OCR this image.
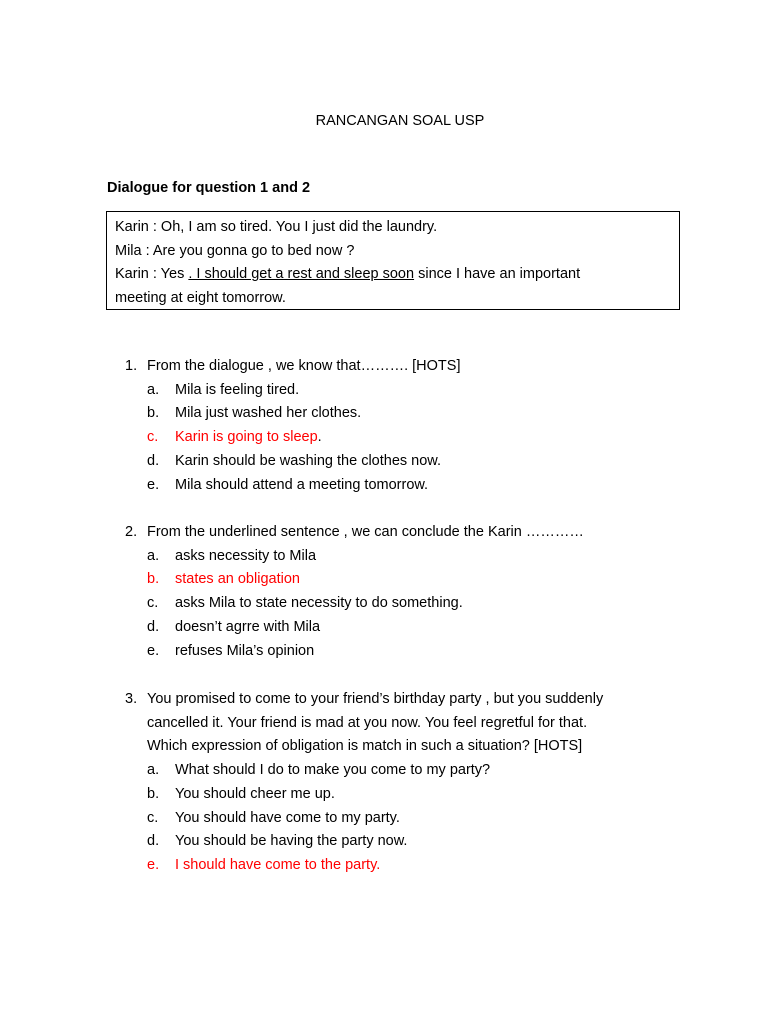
RANCANGAN SOAL USP
Dialogue for question 1 and 2
Karin : Oh, I am so tired. You I just did the laundry.
Mila : Are you gonna go to bed now ?
Karin : Yes . I should get a rest and sleep soon since I have an important
meeting at eight tomorrow.
1. From the dialogue , we know that………. [HOTS]
a.	Mila is feeling tired.
b.	Mila just washed her clothes.
c.	Karin is going to sleep.
d.	Karin should be washing the clothes now.
e.	Mila should attend a meeting tomorrow.
2. From the underlined sentence , we can conclude the Karin …………
a.	asks necessity to Mila
b.	states an obligation
c.	asks Mila to state necessity to do something.
d.	doesn’t agrre with Mila
e.	refuses Mila’s opinion
3. You promised to come to your friend’s birthday party , but you suddenly
cancelled it. Your friend is mad at you now. You feel regretful for that.
Which expression of obligation is match in such a situation? [HOTS]
a.	What should I do to make you come to my party?
b.	You should cheer me up.
c.	You should have come to my party.
d.	You should be having the party now.
e.	I should have come to the party.
